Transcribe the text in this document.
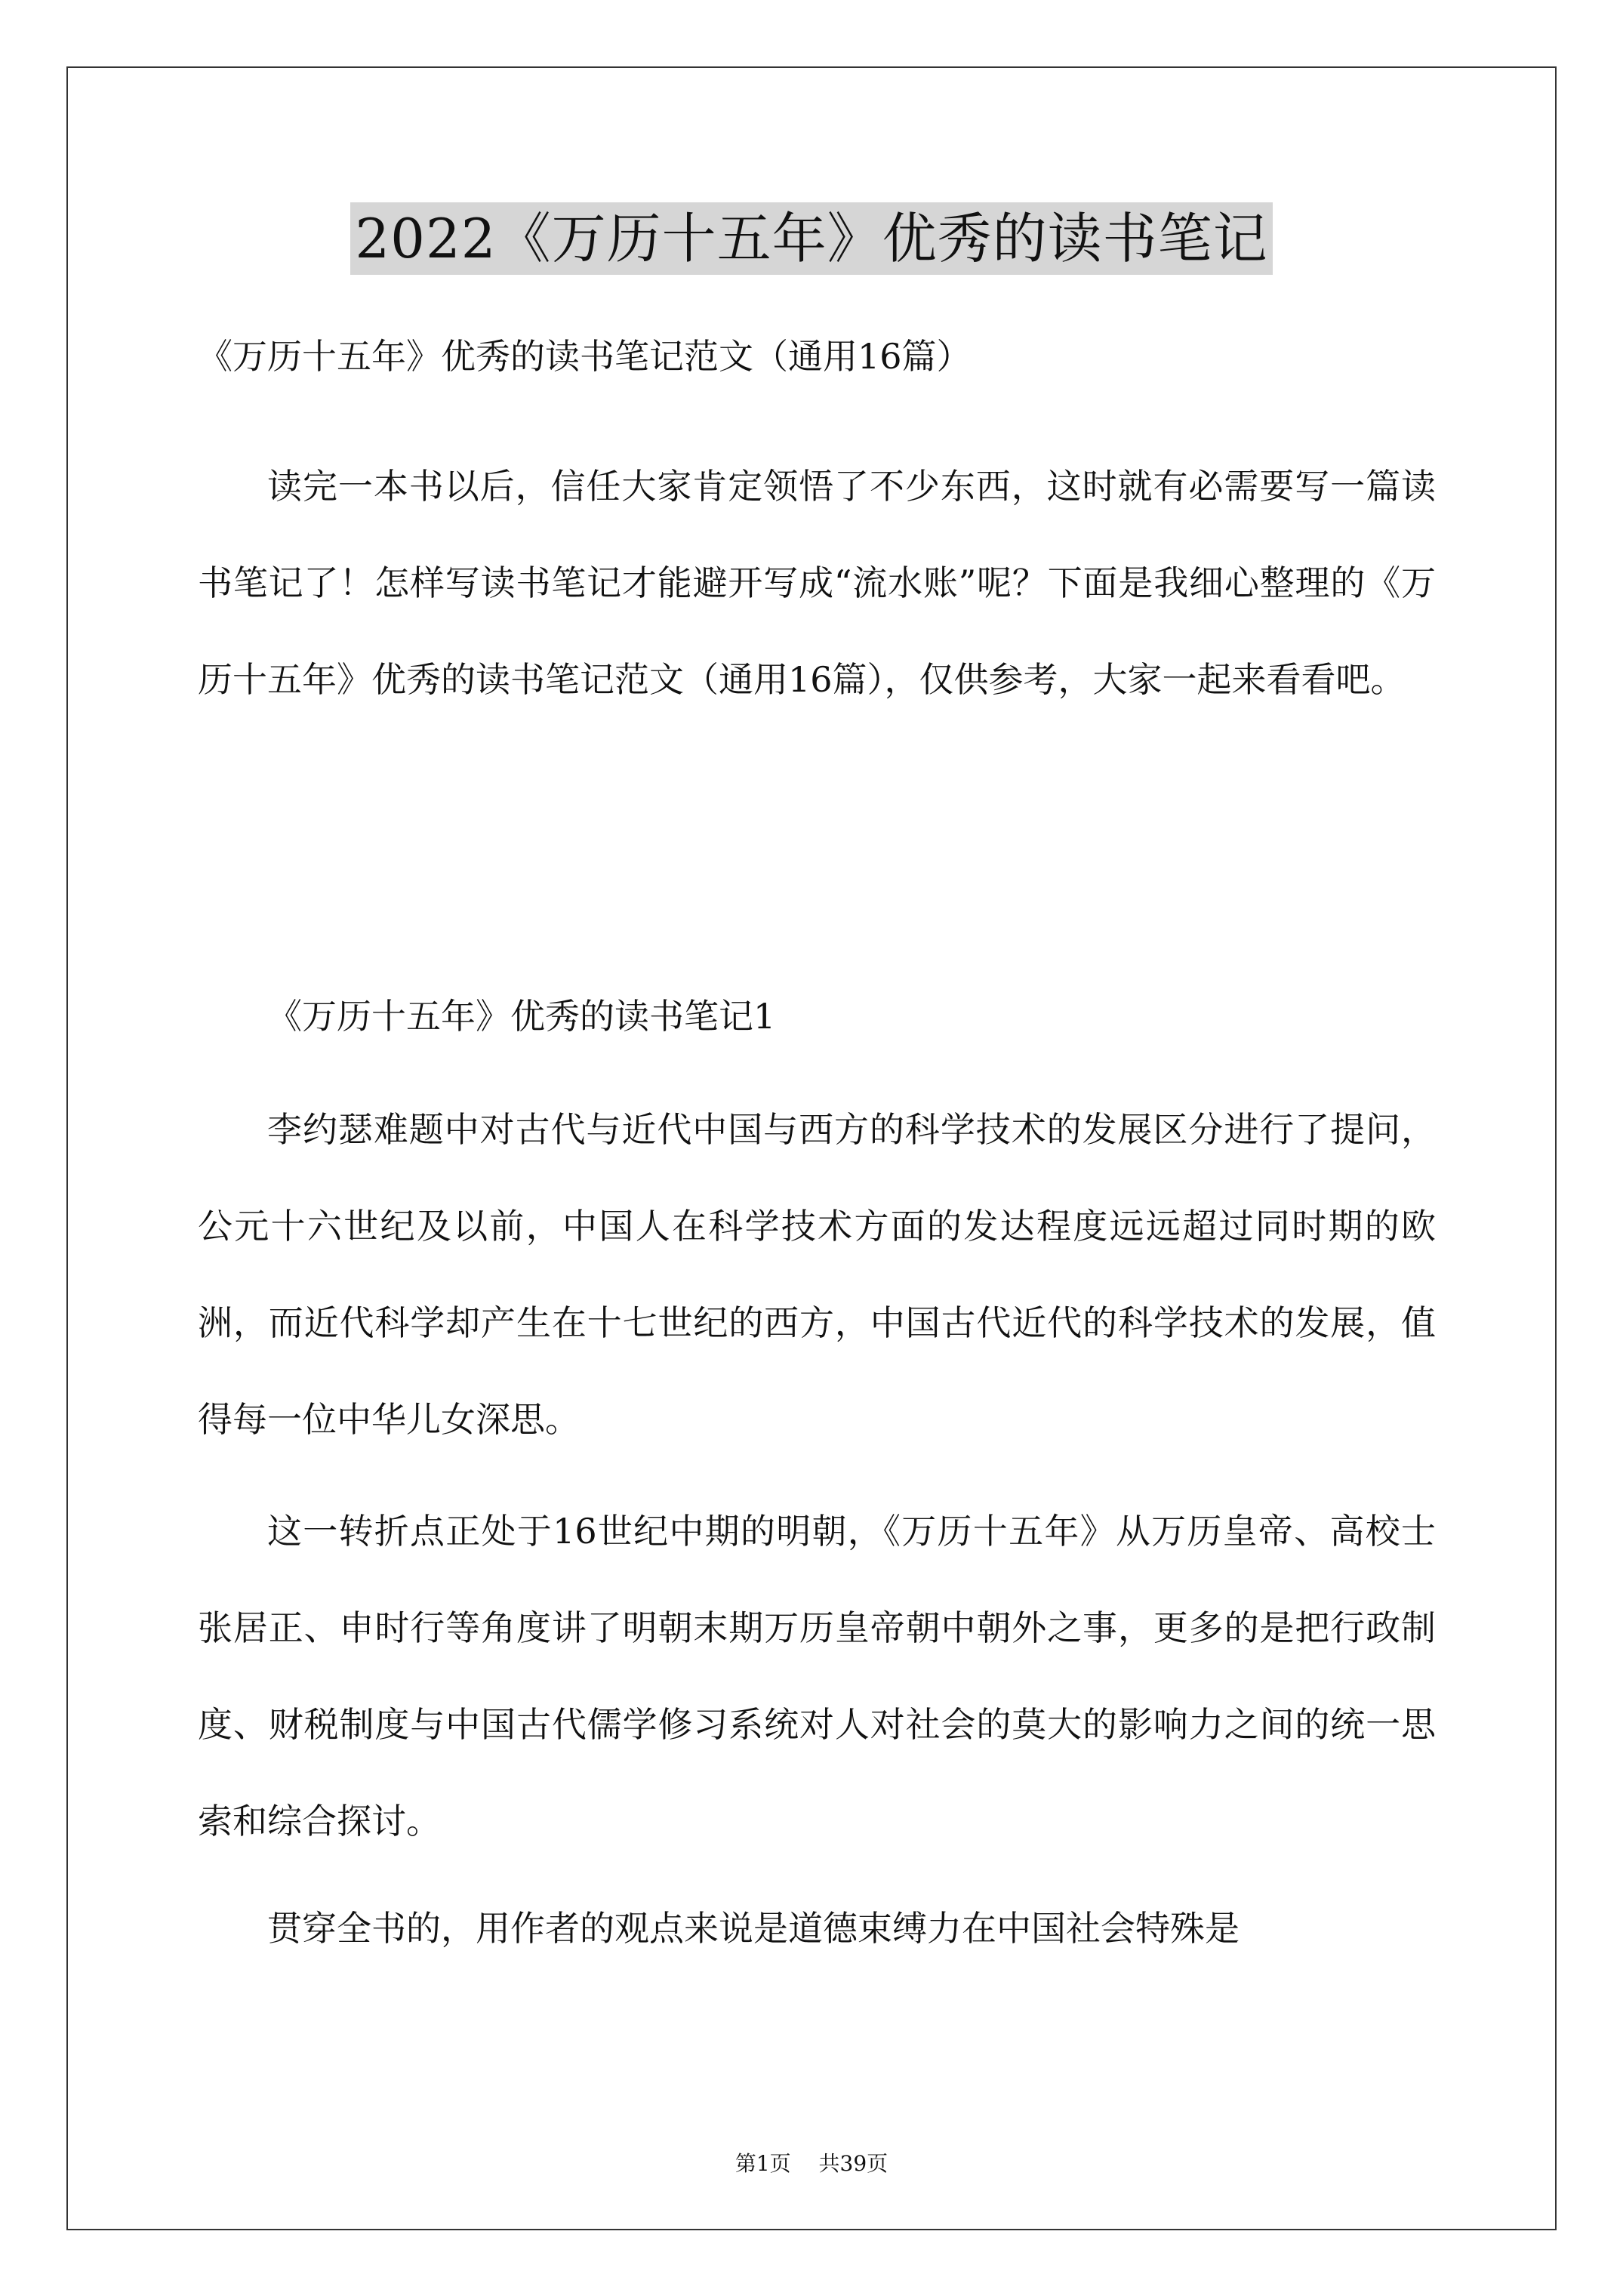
2022《万历十五年》优秀的读书笔记

《万历十五年》优秀的读书笔记范文（通用16篇）

读完一本书以后，信任大家肯定领悟了不少东西，这时就有必需要写一篇读书笔记了！怎样写读书笔记才能避开写成“流水账”呢？下面是我细心整理的《万历十五年》优秀的读书笔记范文（通用16篇），仅供参考，大家一起来看看吧。

《万历十五年》优秀的读书笔记1

李约瑟难题中对古代与近代中国与西方的科学技术的发展区分进行了提问，公元十六世纪及以前，中国人在科学技术方面的发达程度远远超过同时期的欧洲，而近代科学却产生在十七世纪的西方，中国古代近代的科学技术的发展，值得每一位中华儿女深思。

这一转折点正处于16世纪中期的明朝，《万历十五年》从万历皇帝、高校士张居正、申时行等角度讲了明朝末期万历皇帝朝中朝外之事，更多的是把行政制度、财税制度与中国古代儒学修习系统对人对社会的莫大的影响力之间的统一思索和综合探讨。

贯穿全书的，用作者的观点来说是道德束缚力在中国社会特殊是

第1页 共39页
